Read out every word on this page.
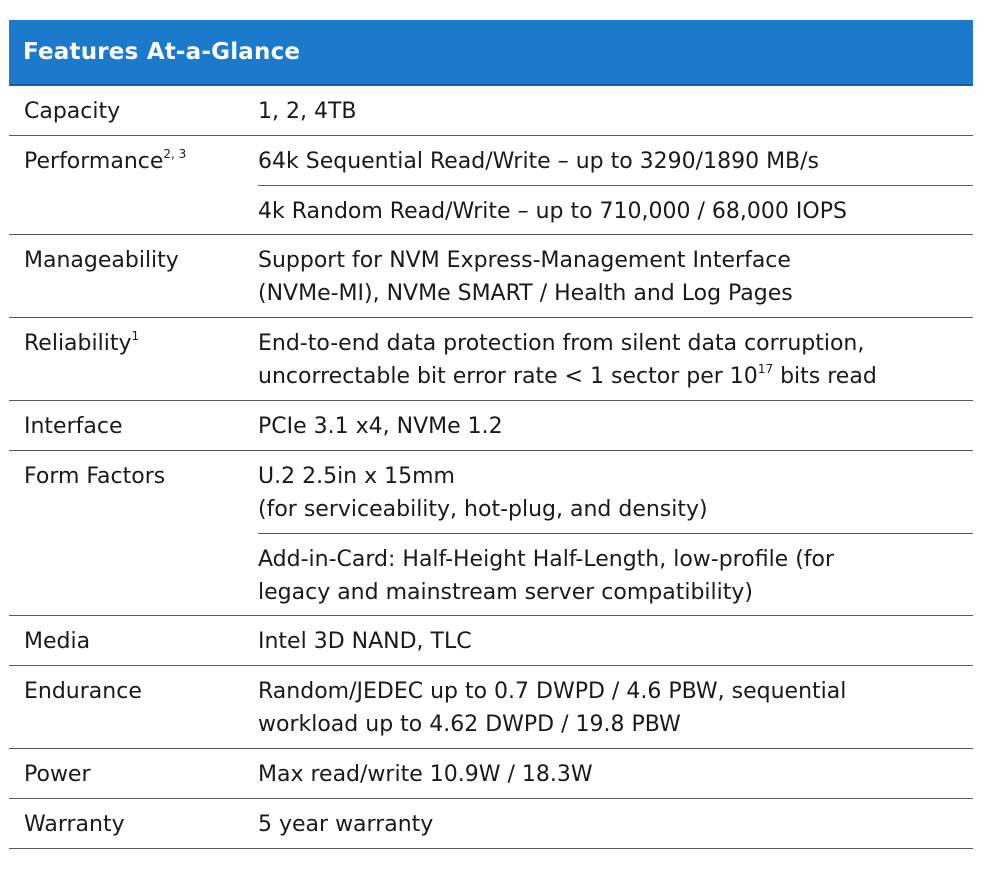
Features At-a-Glance
Capacity	1, 2, 4TB
Performance$^{2, 3}$	64k Sequential Read/Write – up to 3290/1890 MB/s
4k Random Read/Write – up to 710,000 / 68,000 IOPS
Manageability	Support for NVM Express-Management Interface
(NVMe-MI), NVMe SMART / Health and Log Pages
Reliability$^1$	End-to-end data protection from silent data corruption,
uncorrectable bit error rate < 1 sector per $10^{17}$ bits read
Interface	PCIe 3.1 x4, NVMe 1.2
Form Factors	U.2 2.5in x 15mm
(for serviceability, hot-plug, and density)
Add-in-Card: Half-Height Half-Length, low-profile (for
legacy and mainstream server compatibility)
Media	Intel 3D NAND, TLC
Endurance	Random/JEDEC up to 0.7 DWPD / 4.6 PBW, sequential
workload up to 4.62 DWPD / 19.8 PBW
Power	Max read/write 10.9W / 18.3W
Warranty	5 year warranty
